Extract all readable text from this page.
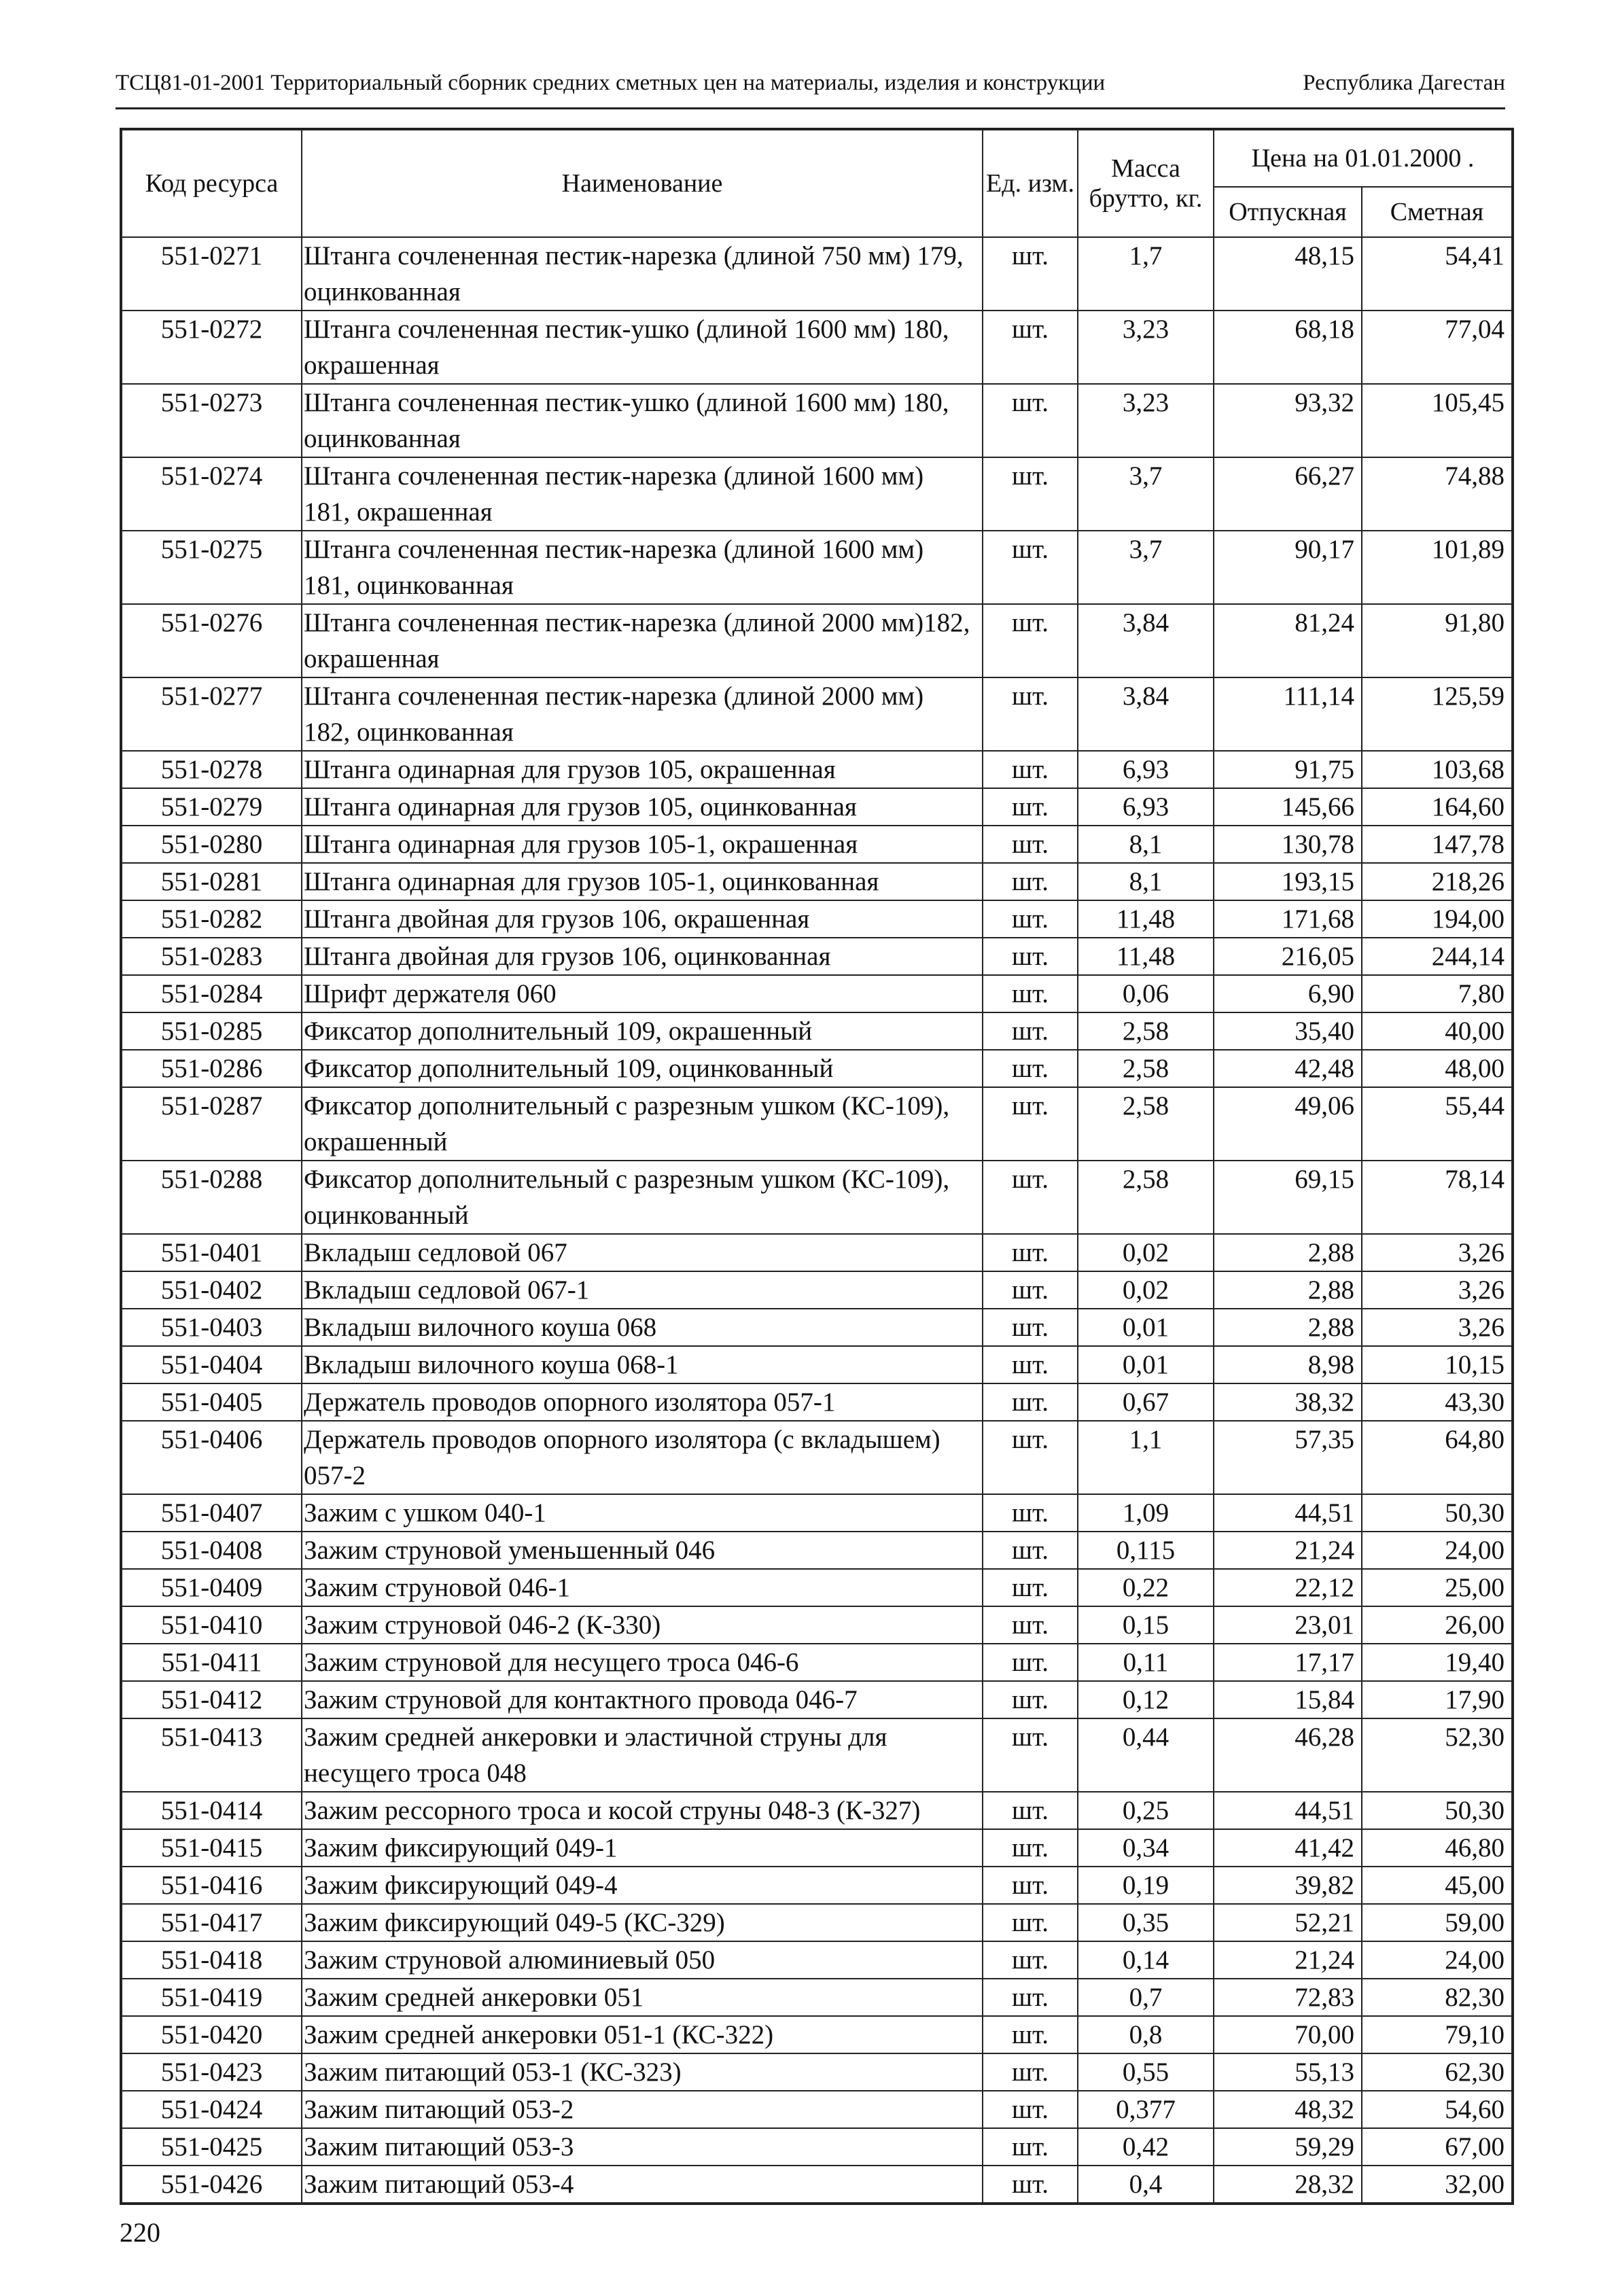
ТСЦ81-01-2001 Территориальный сборник средних сметных цен на материалы, изделия и конструкции	Республика Дагестан
Код ресурса	Наименование	Ед. изм.	Масса брутто, кг.	Цена на 01.01.2000 .	
				Отпускная	Сметная
551-0271	Штанга сочлененная пестик-нарезка (длиной 750 мм) 179, оцинкованная	шт.	1,7	48,15	54,41
551-0272	Штанга сочлененная пестик-ушко (длиной 1600 мм) 180, окрашенная	шт.	3,23	68,18	77,04
551-0273	Штанга сочлененная пестик-ушко (длиной 1600 мм) 180, оцинкованная	шт.	3,23	93,32	105,45
551-0274	Штанга сочлененная пестик-нарезка (длиной 1600 мм) 181, окрашенная	шт.	3,7	66,27	74,88
551-0275	Штанга сочлененная пестик-нарезка (длиной 1600 мм) 181, оцинкованная	шт.	3,7	90,17	101,89
551-0276	Штанга сочлененная пестик-нарезка (длиной 2000 мм)182, окрашенная	шт.	3,84	81,24	91,80
551-0277	Штанга сочлененная пестик-нарезка (длиной 2000 мм) 182, оцинкованная	шт.	3,84	111,14	125,59
551-0278	Штанга одинарная для грузов 105, окрашенная	шт.	6,93	91,75	103,68
551-0279	Штанга одинарная для грузов 105, оцинкованная	шт.	6,93	145,66	164,60
551-0280	Штанга одинарная для грузов 105-1, окрашенная	шт.	8,1	130,78	147,78
551-0281	Штанга одинарная для грузов 105-1, оцинкованная	шт.	8,1	193,15	218,26
551-0282	Штанга двойная для грузов 106, окрашенная	шт.	11,48	171,68	194,00
551-0283	Штанга двойная для грузов 106, оцинкованная	шт.	11,48	216,05	244,14
551-0284	Шрифт держателя 060	шт.	0,06	6,90	7,80
551-0285	Фиксатор дополнительный 109, окрашенный	шт.	2,58	35,40	40,00
551-0286	Фиксатор дополнительный 109, оцинкованный	шт.	2,58	42,48	48,00
551-0287	Фиксатор дополнительный с разрезным ушком (КС-109), окрашенный	шт.	2,58	49,06	55,44
551-0288	Фиксатор дополнительный с разрезным ушком (КС-109), оцинкованный	шт.	2,58	69,15	78,14
551-0401	Вкладыш седловой 067	шт.	0,02	2,88	3,26
551-0402	Вкладыш седловой 067-1	шт.	0,02	2,88	3,26
551-0403	Вкладыш вилочного коуша 068	шт.	0,01	2,88	3,26
551-0404	Вкладыш вилочного коуша 068-1	шт.	0,01	8,98	10,15
551-0405	Держатель проводов опорного изолятора 057-1	шт.	0,67	38,32	43,30
551-0406	Держатель проводов опорного изолятора (с вкладышем) 057-2	шт.	1,1	57,35	64,80
551-0407	Зажим с ушком 040-1	шт.	1,09	44,51	50,30
551-0408	Зажим струновой уменьшенный 046	шт.	0,115	21,24	24,00
551-0409	Зажим струновой 046-1	шт.	0,22	22,12	25,00
551-0410	Зажим струновой 046-2 (К-330)	шт.	0,15	23,01	26,00
551-0411	Зажим струновой для несущего троса 046-6	шт.	0,11	17,17	19,40
551-0412	Зажим струновой для контактного провода 046-7	шт.	0,12	15,84	17,90
551-0413	Зажим средней анкеровки и эластичной струны для несущего троса 048	шт.	0,44	46,28	52,30
551-0414	Зажим рессорного троса и косой струны 048-3 (К-327)	шт.	0,25	44,51	50,30
551-0415	Зажим фиксирующий 049-1	шт.	0,34	41,42	46,80
551-0416	Зажим фиксирующий 049-4	шт.	0,19	39,82	45,00
551-0417	Зажим фиксирующий 049-5 (КС-329)	шт.	0,35	52,21	59,00
551-0418	Зажим струновой алюминиевый 050	шт.	0,14	21,24	24,00
551-0419	Зажим средней анкеровки 051	шт.	0,7	72,83	82,30
551-0420	Зажим средней анкеровки 051-1 (КС-322)	шт.	0,8	70,00	79,10
551-0423	Зажим питающий 053-1 (КС-323)	шт.	0,55	55,13	62,30
551-0424	Зажим питающий 053-2	шт.	0,377	48,32	54,60
551-0425	Зажим питающий 053-3	шт.	0,42	59,29	67,00
551-0426	Зажим питающий 053-4	шт.	0,4	28,32	32,00
220
